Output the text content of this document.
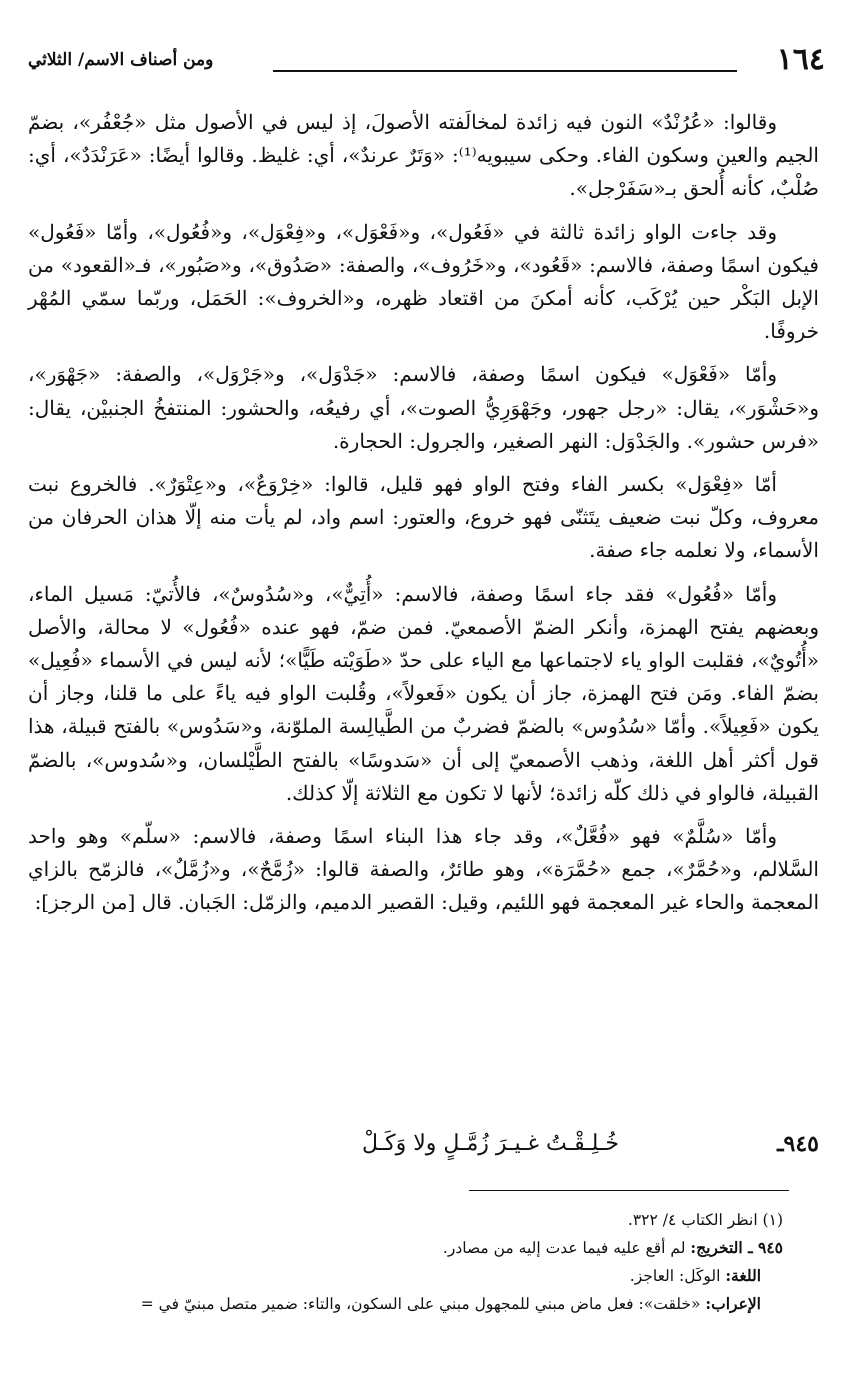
١٦٤
ومن أصناف الاسم/ الثلاثي

وقالوا: «عُرُنْدٌ» النون فيه زائدة لمخالَفته الأصولَ، إذ ليس في الأصول مثل «جُعْفُر»، بضمّ الجيم والعين وسكون الفاء. وحكى سيبويه⁽¹⁾: «وَتَرٌ عرندٌ»، أي: غليظ. وقالوا أيضًا: «عَرَنْدَدٌ»، أي: صُلْبٌ، كأنه أُلحق بـ«سَفَرْجل».

وقد جاءت الواو زائدة ثالثة في «فَعُول»، و«فَعْوَل»، و«فِعْوَل»، و«فُعُول»، وأمّا «فَعُول» فيكون اسمًا وصفة، فالاسم: «قَعُود»، و«خَرُوف»، والصفة: «صَدُوق»، و«صَبُور»، فـ«القعود» من الإبل البَكْر حين يُرْكَب، كأنه أمكنَ من اقتعاد ظهره، و«الخروف»: الحَمَل، وربّما سمّي المُهْر خروفًا.

وأمّا «فَعْوَل» فيكون اسمًا وصفة، فالاسم: «جَدْوَل»، و«جَرْوَل»، والصفة: «جَهْوَر»، و«حَشْوَر»، يقال: «رجل جهور، وجَهْوَرِيُّ الصوت»، أي رفيعُه، والحشور: المنتفخُ الجنبيْن، يقال: «فرس حشور». والجَدْوَل: النهر الصغير، والجرول: الحجارة.

أمّا «فِعْوَل» بكسر الفاء وفتح الواو فهو قليل، قالوا: «خِرْوَعٌ»، و«عِتْوَرٌ». فالخروع نبت معروف، وكلّ نبت ضعيف يتَثنّى فهو خروع، والعتور: اسم واد، لم يأت منه إلّا هذان الحرفان من الأسماء، ولا نعلمه جاء صفة.

وأمّا «فُعُول» فقد جاء اسمًا وصفة، فالاسم: «أُتِيٌّ»، و«سُدُوسٌ»، فالأُتيّ: مَسيل الماء، وبعضهم يفتح الهمزة، وأنكر الضمّ الأصمعيّ. فمن ضمّ، فهو عنده «فُعُول» لا محالة، والأصل «أُتُويٌ»، فقلبت الواو ياء لاجتماعها مع الياء على حدّ «طَوَيْته طَيًّا»؛ لأنه ليس في الأسماء «فُعِيل» بضمّ الفاء. ومَن فتح الهمزة، جاز أن يكون «فَعولاً»، وقُلبت الواو فيه ياءً على ما قلنا، وجاز أن يكون «فَعِيلاً». وأمّا «سُدُوس» بالضمّ فضربٌ من الطَّيالِسة الملوّنة، و«سَدُوس» بالفتح قبيلة، هذا قول أكثر أهل اللغة، وذهب الأصمعيّ إلى أن «سَدوسًا» بالفتح الطَّيْلسان، و«سُدوس»، بالضمّ القبيلة، فالواو في ذلك كلّه زائدة؛ لأنها لا تكون مع الثلاثة إلّا كذلك.

وأمّا «سُلَّمٌ» فهو «فُعَّلٌ»، وقد جاء هذا البناء اسمًا وصفة، فالاسم: «سلّم» وهو واحد السَّلالم، و«حُمَّرٌ»، جمع «حُمَّرَة»، وهو طائرٌ، والصفة قالوا: «زُمَّحٌ»، و«زُمَّلٌ»، فالزمّح بالزاي المعجمة والحاء غير المعجمة فهو اللئيم، وقيل: القصير الدميم، والزمّل: الجَبان. قال [من الرجز]:

٩٤٥ـ
خُـلِـقْـتُ غـيـرَ زُمَّـلٍ ولا وَكَـلْ

(١) انظر الكتاب ٤/ ٣٢٢.

٩٤٥ ـ التخريج: لم أقع عليه فيما عدت إليه من مصادر.

اللغة: الوكَل: العاجز.

الإعراب: «خلقت»: فعل ماض مبني للمجهول مبني على السكون، والتاء: ضمير متصل مبنيّ في =
